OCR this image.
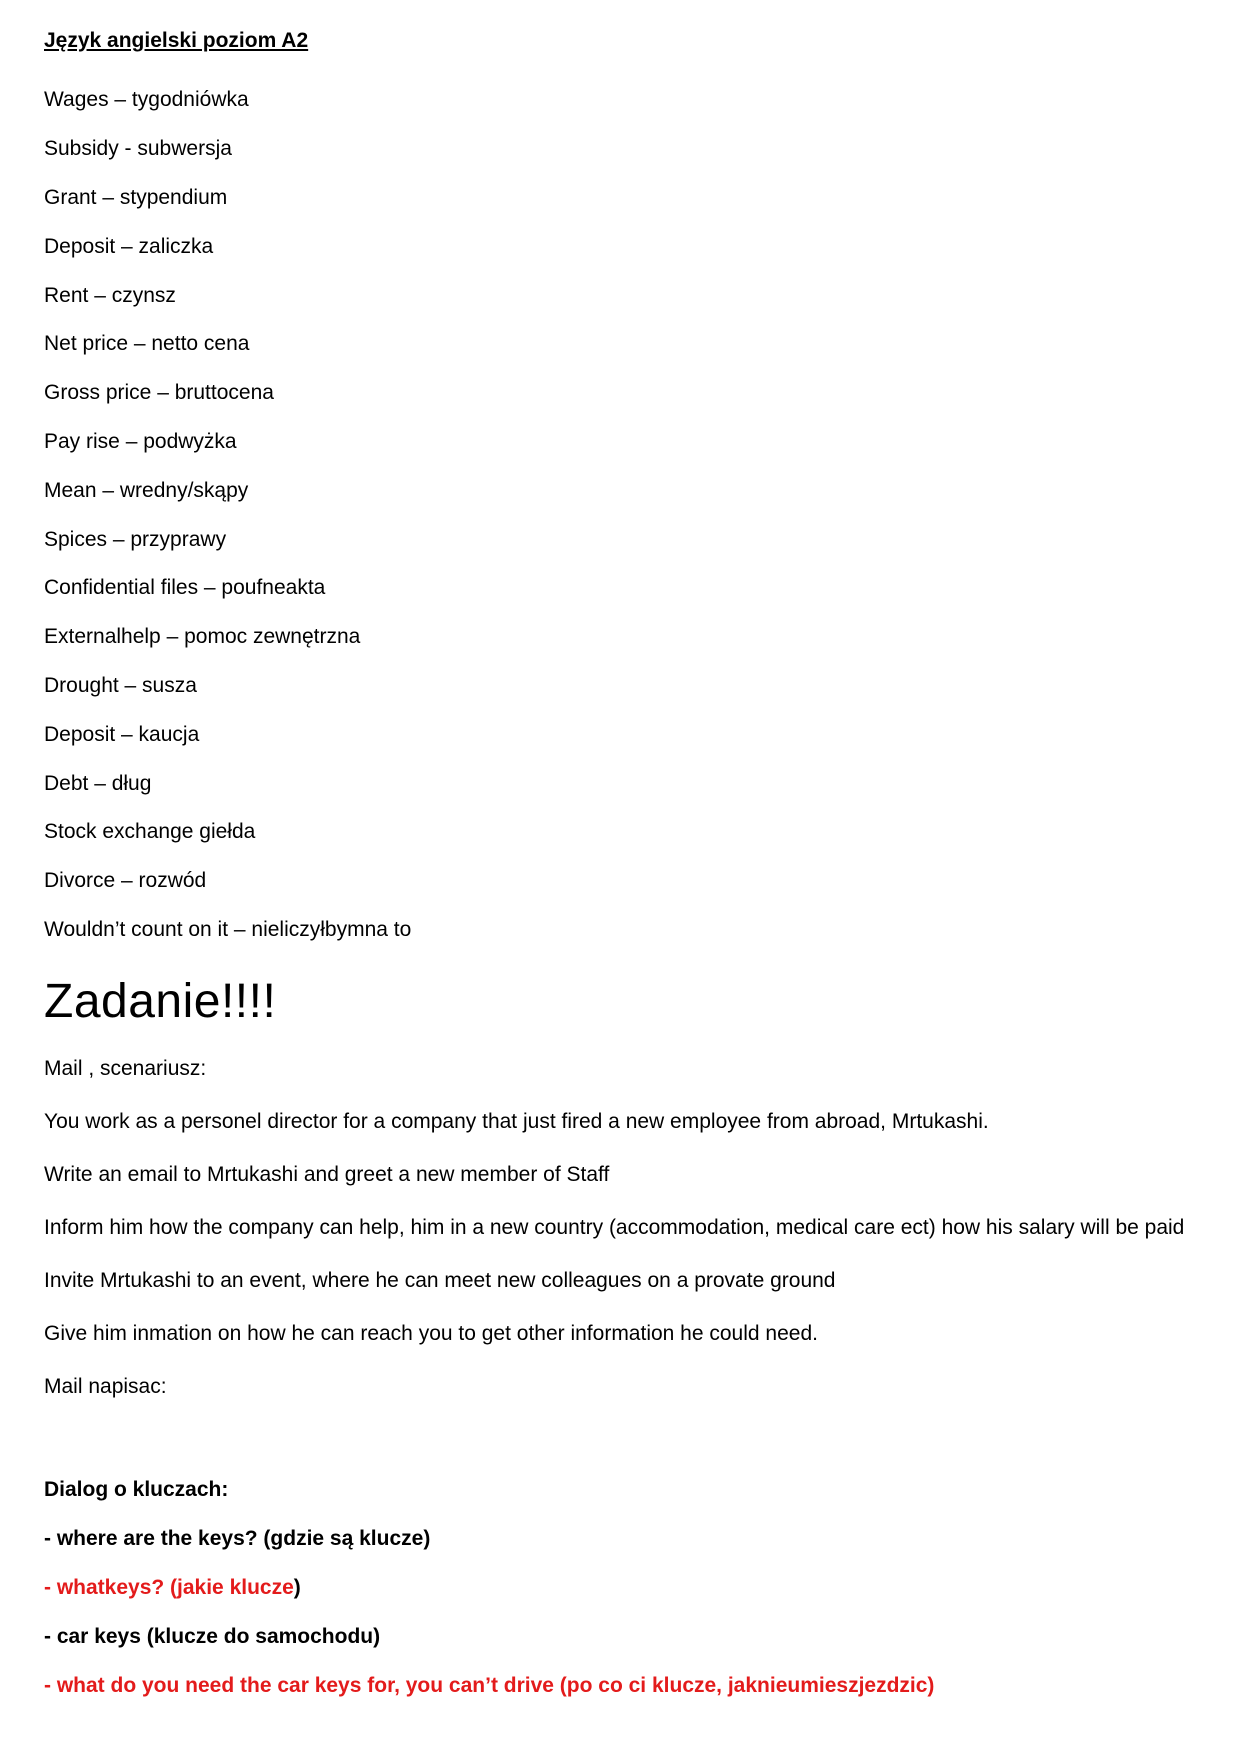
Język angielski poziom A2
Wages – tygodniówka
Subsidy - subwersja
Grant – stypendium
Deposit – zaliczka
Rent – czynsz
Net price – netto cena
Gross price – bruttocena
Pay rise – podwyżka
Mean – wredny/skąpy
Spices – przyprawy
Confidential files – poufneakta
Externalhelp – pomoc zewnętrzna
Drought – susza
Deposit – kaucja
Debt – dług
Stock exchange giełda
Divorce – rozwód
Wouldn’t count on it – nieliczyłbymna to
Zadanie!!!!
Mail , scenariusz:
You work as a personel director for a company that just fired a new employee from abroad, Mrtukashi.
Write an email to Mrtukashi and greet a new member of Staff
Inform him how the company can help, him in a new country (accommodation, medical care ect) how his salary will be paid
Invite Mrtukashi to an event, where he can meet new colleagues on a provate ground
Give him inmation on how he can reach you to get other information he could need.
Mail napisac:
Dialog o kluczach:
- where are the keys? (gdzie są klucze)
- whatkeys? (jakie klucze )
- car keys (klucze do samochodu)
- what do you need the car keys for, you can’t drive (po co ci klucze, jaknieumieszjezdzic)
